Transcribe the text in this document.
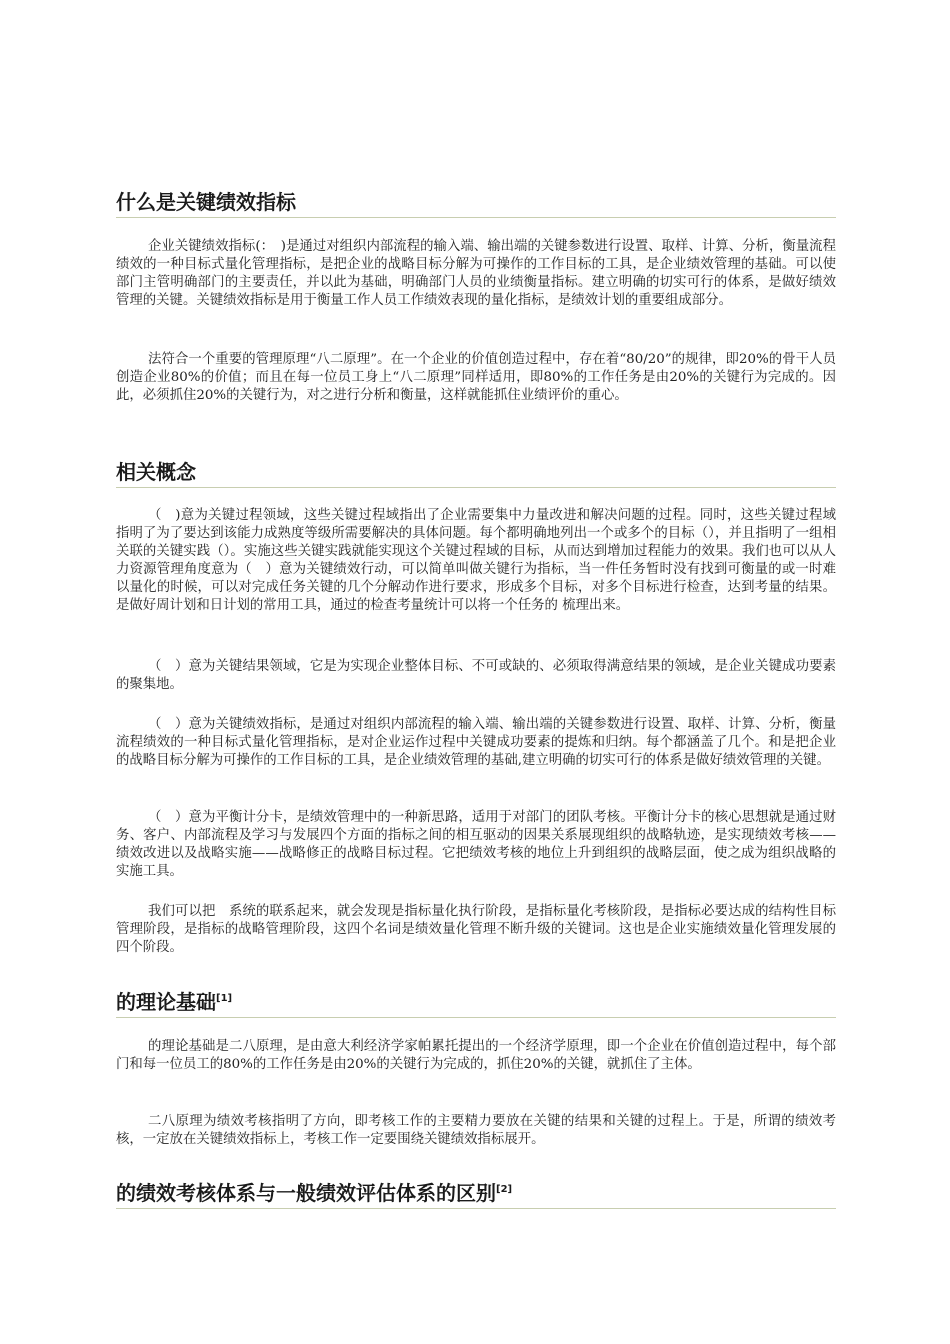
什么是关键绩效指标

企业关键绩效指标(：　)是通过对组织内部流程的输入端、输出端的关键参数进行设置、取样、计算、分析，衡量流程绩效的一种目标式量化管理指标，是把企业的战略目标分解为可操作的工作目标的工具，是企业绩效管理的基础。可以使部门主管明确部门的主要责任，并以此为基础，明确部门人员的业绩衡量指标。建立明确的切实可行的体系，是做好绩效管理的关键。关键绩效指标是用于衡量工作人员工作绩效表现的量化指标，是绩效计划的重要组成部分。

法符合一个重要的管理原理“八二原理”。在一个企业的价值创造过程中，存在着“80/20”的规律，即20%的骨干人员创造企业80%的价值；而且在每一位员工身上“八二原理”同样适用，即80%的工作任务是由20%的关键行为完成的。因此，必须抓住20%的关键行为，对之进行分析和衡量，这样就能抓住业绩评价的重心。

相关概念

（　)意为关键过程领域，这些关键过程域指出了企业需要集中力量改进和解决问题的过程。同时，这些关键过程域指明了为了要达到该能力成熟度等级所需要解决的具体问题。每个都明确地列出一个或多个的目标（），并且指明了一组相关联的关键实践（）。实施这些关键实践就能实现这个关键过程域的目标，从而达到增加过程能力的效果。我们也可以从人力资源管理角度意为（　）意为关键绩效行动，可以简单叫做关键行为指标，当一件任务暂时没有找到可衡量的或一时难以量化的时候，可以对完成任务关键的几个分解动作进行要求，形成多个目标，对多个目标进行检查，达到考量的结果。是做好周计划和日计划的常用工具，通过的检查考量统计可以将一个任务的 梳理出来。

（　）意为关键结果领域，它是为实现企业整体目标、不可或缺的、必须取得满意结果的领域，是企业关键成功要素的聚集地。

（　）意为关键绩效指标，是通过对组织内部流程的输入端、输出端的关键参数进行设置、取样、计算、分析，衡量流程绩效的一种目标式量化管理指标，是对企业运作过程中关键成功要素的提炼和归纳。每个都涵盖了几个。和是把企业的战略目标分解为可操作的工作目标的工具，是企业绩效管理的基础,建立明确的切实可行的体系是做好绩效管理的关键。

（　）意为平衡计分卡，是绩效管理中的一种新思路，适用于对部门的团队考核。平衡计分卡的核心思想就是通过财务、客户、内部流程及学习与发展四个方面的指标之间的相互驱动的因果关系展现组织的战略轨迹，是实现绩效考核——绩效改进以及战略实施——战略修正的战略目标过程。它把绩效考核的地位上升到组织的战略层面，使之成为组织战略的实施工具。

我们可以把　系统的联系起来，就会发现是指标量化执行阶段，是指标量化考核阶段，是指标必要达成的结构性目标管理阶段，是指标的战略管理阶段，这四个名词是绩效量化管理不断升级的关键词。这也是企业实施绩效量化管理发展的四个阶段。

的理论基础[1]

的理论基础是二八原理，是由意大利经济学家帕累托提出的一个经济学原理，即一个企业在价值创造过程中，每个部门和每一位员工的80%的工作任务是由20%的关键行为完成的，抓住20%的关键，就抓住了主体。

二八原理为绩效考核指明了方向，即考核工作的主要精力要放在关键的结果和关键的过程上。于是，所谓的绩效考核，一定放在关键绩效指标上，考核工作一定要围绕关键绩效指标展开。

的绩效考核体系与一般绩效评估体系的区别[2]
